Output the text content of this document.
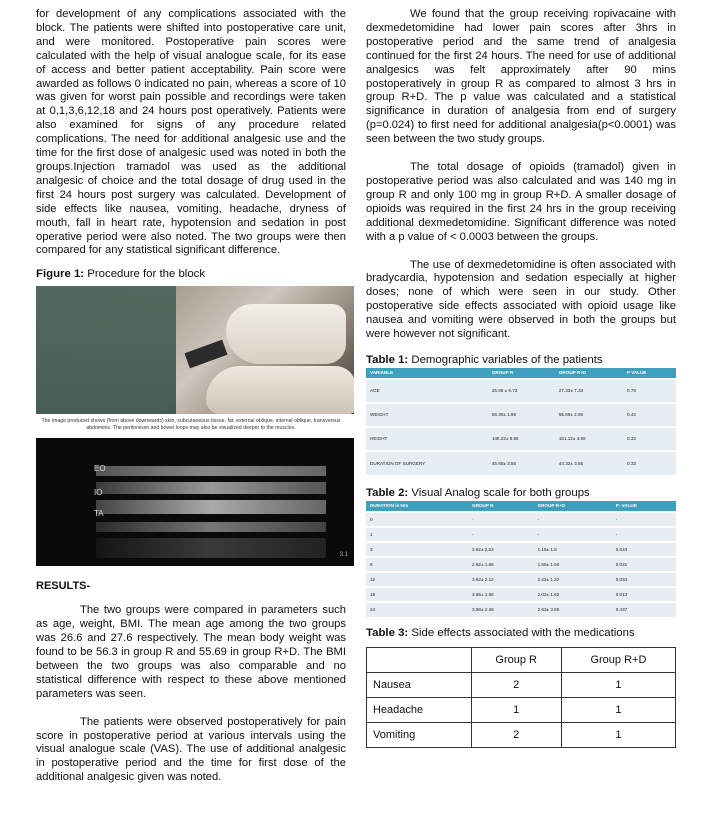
for development of any complications associated with the block. The patients were shifted into postoperative care unit, and were monitored. Postoperative pain scores were calculated with the help of visual analogue scale, for its ease of access and better patient acceptability. Pain score were awarded as follows 0 indicated no pain, whereas a score of 10 was given for worst pain possible and recordings were taken at 0,1,3,6,12,18 and 24 hours post operatively. Patients were also examined for signs of any procedure related complications. The need for additional analgesic use and the time for the first dose of analgesic used was noted in both the groups.Injection tramadol was used as the additional analgesic of choice and the total dosage of drug used in the first 24 hours post surgery was calculated. Development of side effects like nausea, vomiting, headache, dryness of mouth, fall in heart rate, hypotension and sedation in post operative period were also noted. The two groups were then compared for any statistical significant difference.

Figure 1: Procedure for the block
The image produced shows (from above downwards) skin, subcutaneous tissue, fat, external oblique, internal oblique, transversus abdominis. The peritoneum and bowel loops may also be visualized deeper to the muscles.
EO
IO
TA
3.1
RESULTS-

The two groups were compared in parameters such as age, weight, BMI. The mean age among the two groups was 26.6 and 27.6 respectively. The mean body weight was found to be 56.3 in group R and 55.69 in group R+D. The BMI between the two groups was also comparable and no statistical difference with respect to these above mentioned parameters was seen.

The patients were observed postoperatively for pain score in postoperative period at various intervals using the visual analogue scale (VAS). The use of additional analgesic in postoperative period and the time for first dose of the additional analgesic given was noted.

We found that the group receiving ropivacaine with dexmedetomidine had lower pain scores after 3hrs in postoperative period and the same trend of analgesia continued for the first 24 hours. The need for use of additional analgesics was felt approximately after 90 mins postoperatively in group R as compared to almost 3 hrs in group R+D. The p value was calculated and a statistical significance in duration of analgesia from end of surgery (p=0.024) to first need for additional analgesia(p<0.0001) was seen between the two study groups.

The total dosage of opioids (tramadol) given in postoperative period was also calculated and was 140 mg in group R and only 100 mg in group R+D. A smaller dosage of opioids was required in the first 24 hrs in the group receiving additional dexmedetomidine. Significant difference was noted with a p value of < 0.0003 between the groups.

The use of dexmedetomidine is often associated with bradycardia, hypotension and sedation especially at higher doses; none of which were seen in our study. Other postoperative side effects associated with opioid usage like nausea and vomiting were observed in both the groups but were however not significant.

Table 1: Demographic variables of the patients
VARIABLE	GROUP R	GROUP R+D	P VALUE
AGE	26.66 ± 6.73	27.33± 7.33	0.79
WEIGHT	56.30± 1.86	55.69± 2.59	0.44
HEIGHT	149.22± 5.66	151.12± 4.66	0.32
DURATION OF SURGERY	45.60± 3.56	44.32± 3.66	0.33
Table 2: Visual Analog scale for both groups
DURATION in Hrs	GROUP R	GROUP R+D	P- VALUE
0	-	-	-
1	-	-	-
3	2.92± 2.22	1.16± 1.8	0.024
6	2.82± 1.66	1.55± 1.50	0.031
12	3.62± 2.12	2.22± 1.22	0.034
18	3.55± 1.56	2.02± 1.62	0.013
24	3.56± 2.46	2.63± 3.86	0.437
Table 3: Side effects associated with the medications
	Group R	Group R+D
Nausea	2	1
Headache	1	1
Vomiting	2	1
